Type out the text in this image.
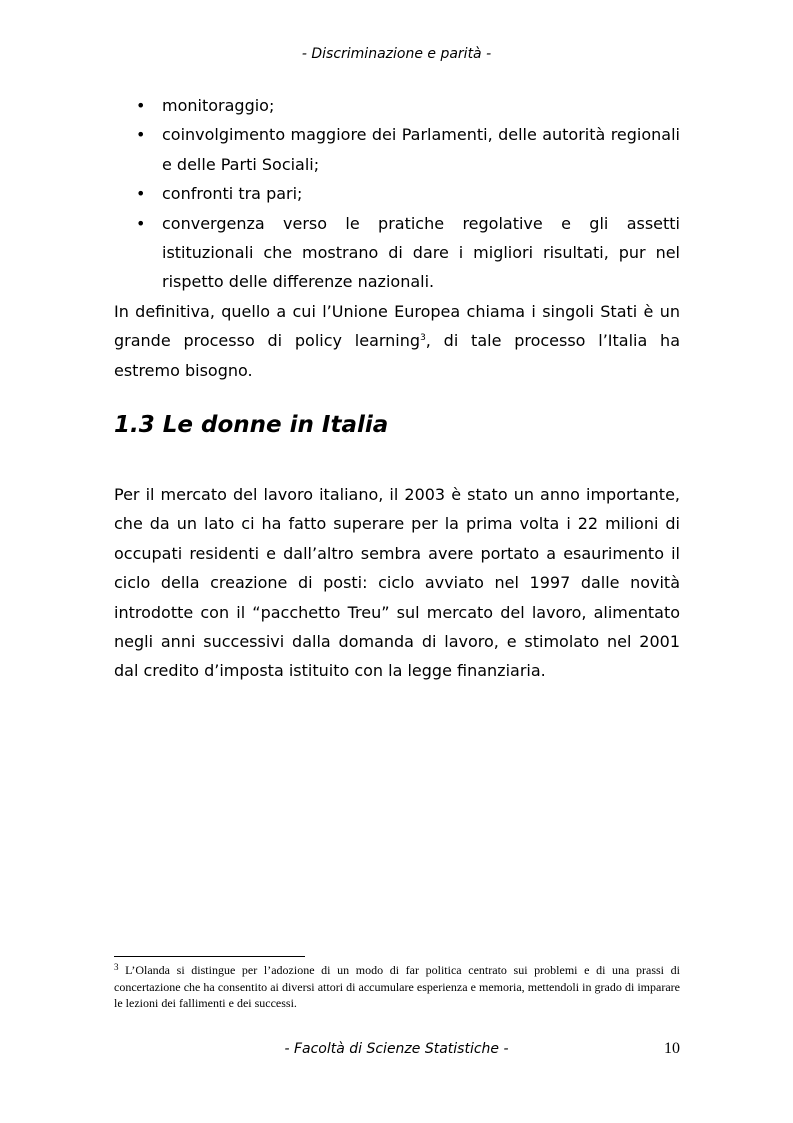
- Discriminazione e parità -
• monitoraggio;
• coinvolgimento maggiore dei Parlamenti, delle autorità regionali e delle Parti Sociali;
• confronti tra pari;
• convergenza verso le pratiche regolative e gli assetti istituzionali che mostrano di dare i migliori risultati, pur nel rispetto delle differenze nazionali.

In definitiva, quello a cui l’Unione Europea chiama i singoli Stati è un grande processo di policy learning$^3$, di tale processo l’Italia ha estremo bisogno.

1.3 Le donne in Italia

Per il mercato del lavoro italiano, il 2003 è stato un anno importante, che da un lato ci ha fatto superare per la prima volta i 22 milioni di occupati residenti e dall’altro sembra avere portato a esaurimento il ciclo della creazione di posti: ciclo avviato nel 1997 dalle novità introdotte con il “pacchetto Treu” sul mercato del lavoro, alimentato negli anni successivi dalla domanda di lavoro, e stimolato nel 2001 dal credito d’imposta istituito con la legge finanziaria.

$^3$ L’Olanda si distingue per l’adozione di un modo di far politica centrato sui problemi e di una prassi di concertazione che ha consentito ai diversi attori di accumulare esperienza e memoria, mettendoli in grado di imparare le lezioni dei fallimenti e dei successi.
- Facoltà di Scienze Statistiche -	10
